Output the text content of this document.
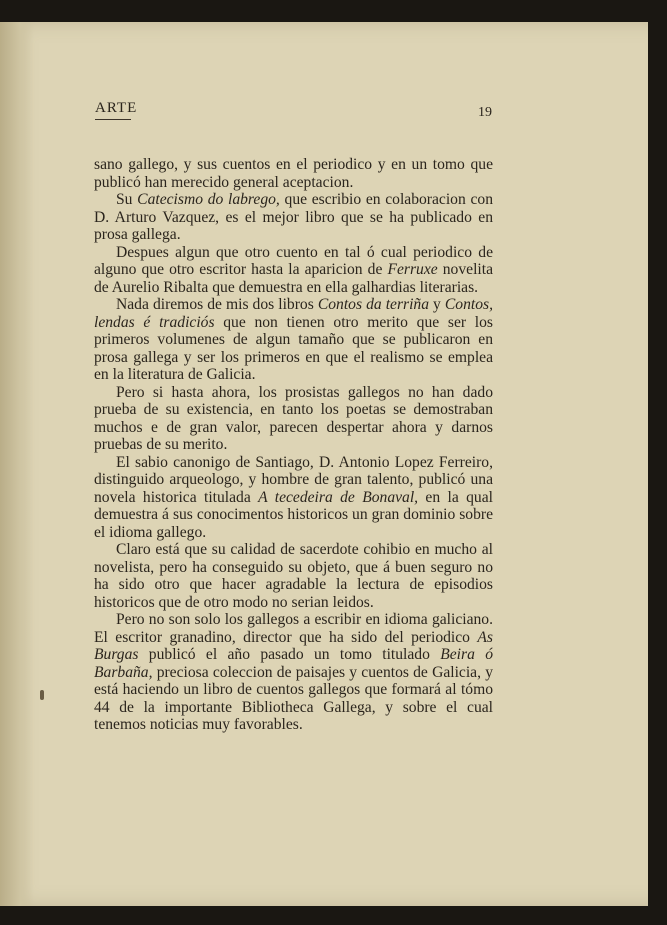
ARTE	19

sano gallego, y sus cuentos en el periodico y en un tomo que publicó han merecido general aceptacion.

Su Catecismo do labrego, que escribio en colaboracion con D. Arturo Vazquez, es el mejor libro que se ha publicado en prosa gallega.

Despues algun que otro cuento en tal ó cual periodico de alguno que otro escritor hasta la aparicion de Ferruxe novelita de Aurelio Ribalta que demuestra en ella galhardias literarias.

Nada diremos de mis dos libros Contos da terriña y Contos, lendas é tradiciós que non tienen otro merito que ser los primeros volumenes de algun tamaño que se publicaron en prosa gallega y ser los primeros en que el realismo se emplea en la literatura de Galicia.

Pero si hasta ahora, los prosistas gallegos no han dado prueba de su existencia, en tanto los poetas se demostraban muchos e de gran valor, parecen despertar ahora y darnos pruebas de su merito.

El sabio canonigo de Santiago, D. Antonio Lopez Ferreiro, distinguido arqueologo, y hombre de gran talento, publicó una novela historica titulada A tecedeira de Bonaval, en la qual demuestra á sus conocimentos historicos un gran dominio sobre el idioma gallego.

Claro está que su calidad de sacerdote cohibio en mucho al novelista, pero ha conseguido su objeto, que á buen seguro no ha sido otro que hacer agradable la lectura de episodios historicos que de otro modo no serian leidos.

Pero no son solo los gallegos a escribir en idioma galiciano. El escritor granadino, director que ha sido del periodico As Burgas publicó el año pasado un tomo titulado Beira ó Barbaña, preciosa coleccion de paisajes y cuentos de Galicia, y está haciendo un libro de cuentos gallegos que formará al tómo 44 de la importante Bibliotheca Gallega, y sobre el cual tenemos noticias muy favorables.
